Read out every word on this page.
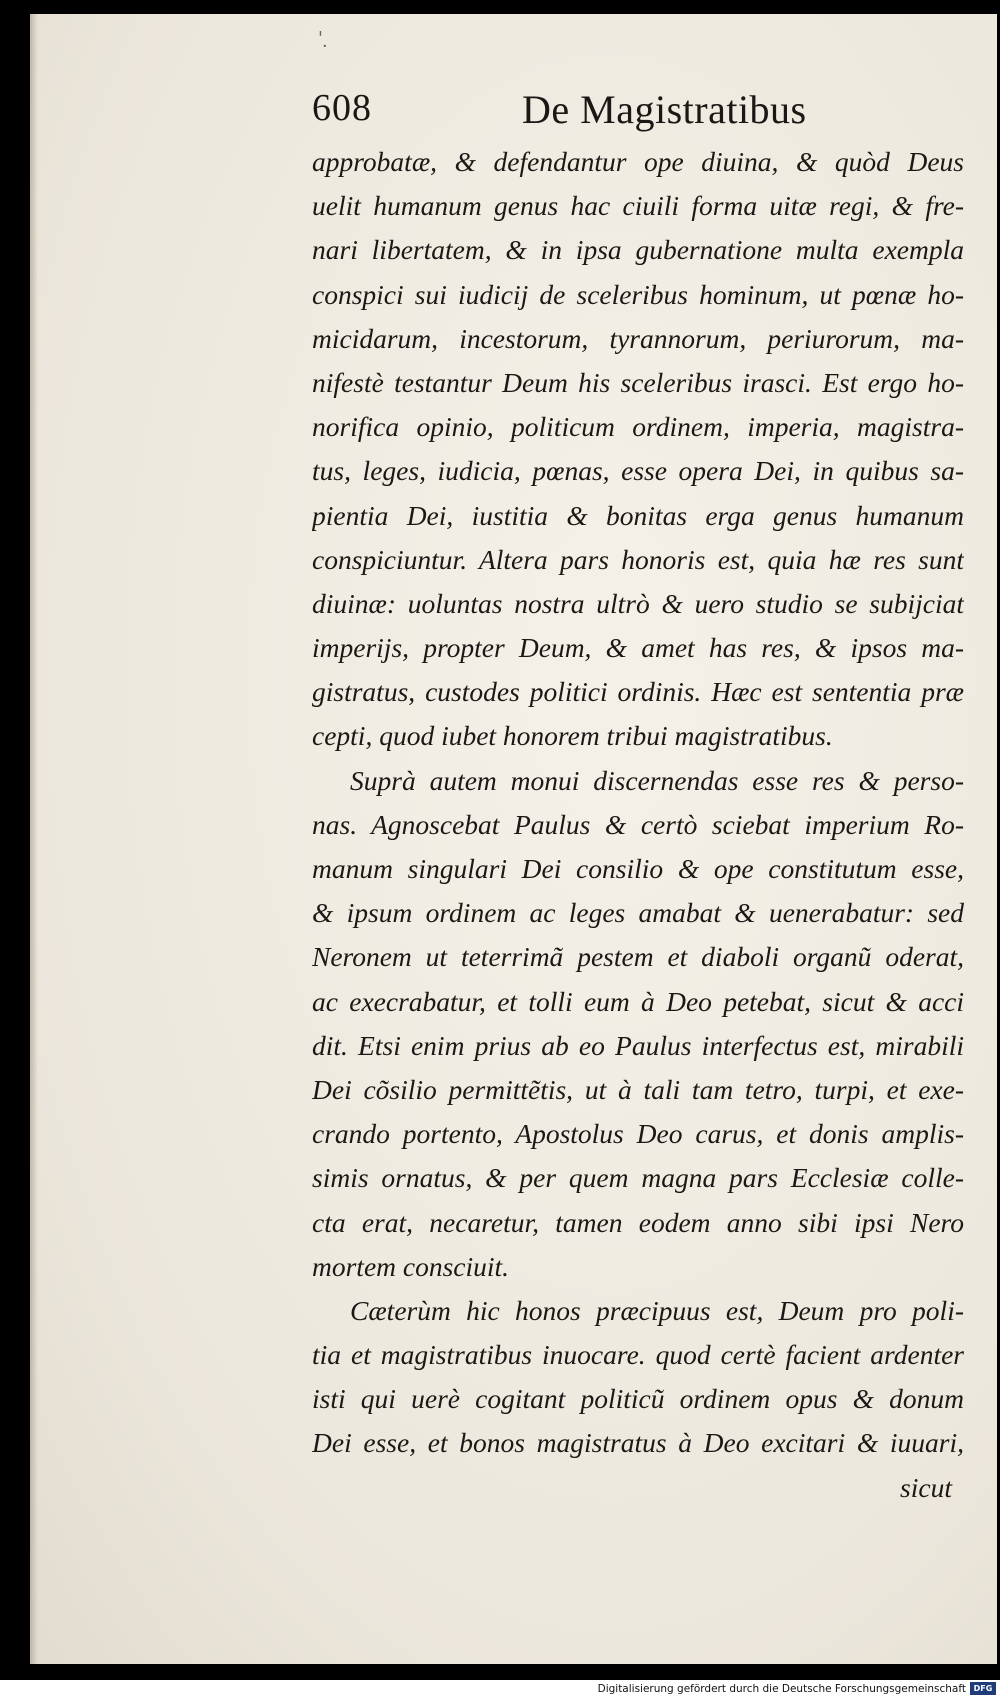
' ·
608	De Magistratibus
approbatæ, & defendantur ope diuina, & quòd Deus
uelit humanum genus hac ciuili forma uitæ regi, & fre-
nari libertatem, & in ipsa gubernatione multa exempla
conspici sui iudicij de sceleribus hominum, ut pœnæ ho-
micidarum, incestorum, tyrannorum, periurorum, ma-
nifestè testantur Deum his sceleribus irasci. Est ergo ho-
norifica opinio, politicum ordinem, imperia, magistra-
tus, leges, iudicia, pœnas, esse opera Dei, in quibus sa-
pientia Dei, iustitia & bonitas erga genus humanum
conspiciuntur. Altera pars honoris est, quia hæ res sunt
diuinæ: uoluntas nostra ultrò & uero studio se subijciat
imperijs, propter Deum, & amet has res, & ipsos ma-
gistratus, custodes politici ordinis. Hæc est sententia præ
cepti, quod iubet honorem tribui magistratibus.
Suprà autem monui discernendas esse res & perso-
nas. Agnoscebat Paulus & certò sciebat imperium Ro-
manum singulari Dei consilio & ope constitutum esse,
& ipsum ordinem ac leges amabat & uenerabatur: sed
Neronem ut teterrimã pestem et diaboli organũ oderat,
ac execrabatur, et tolli eum à Deo petebat, sicut & acci
dit. Etsi enim prius ab eo Paulus interfectus est, mirabili
Dei cõsilio permittẽtis, ut à tali tam tetro, turpi, et exe-
crando portento, Apostolus Deo carus, et donis amplis-
simis ornatus, & per quem magna pars Ecclesiæ colle-
cta erat, necaretur, tamen eodem anno sibi ipsi Nero
mortem consciuit.
Cæterùm hic honos præcipuus est, Deum pro poli-
tia et magistratibus inuocare. quod certè facient ardenter
isti qui uerè cogitant politicũ ordinem opus & donum
Dei esse, et bonos magistratus à Deo excitari & iuuari,
sicut
Digitalisierung gefördert durch die Deutsche Forschungsgemeinschaft DFG
